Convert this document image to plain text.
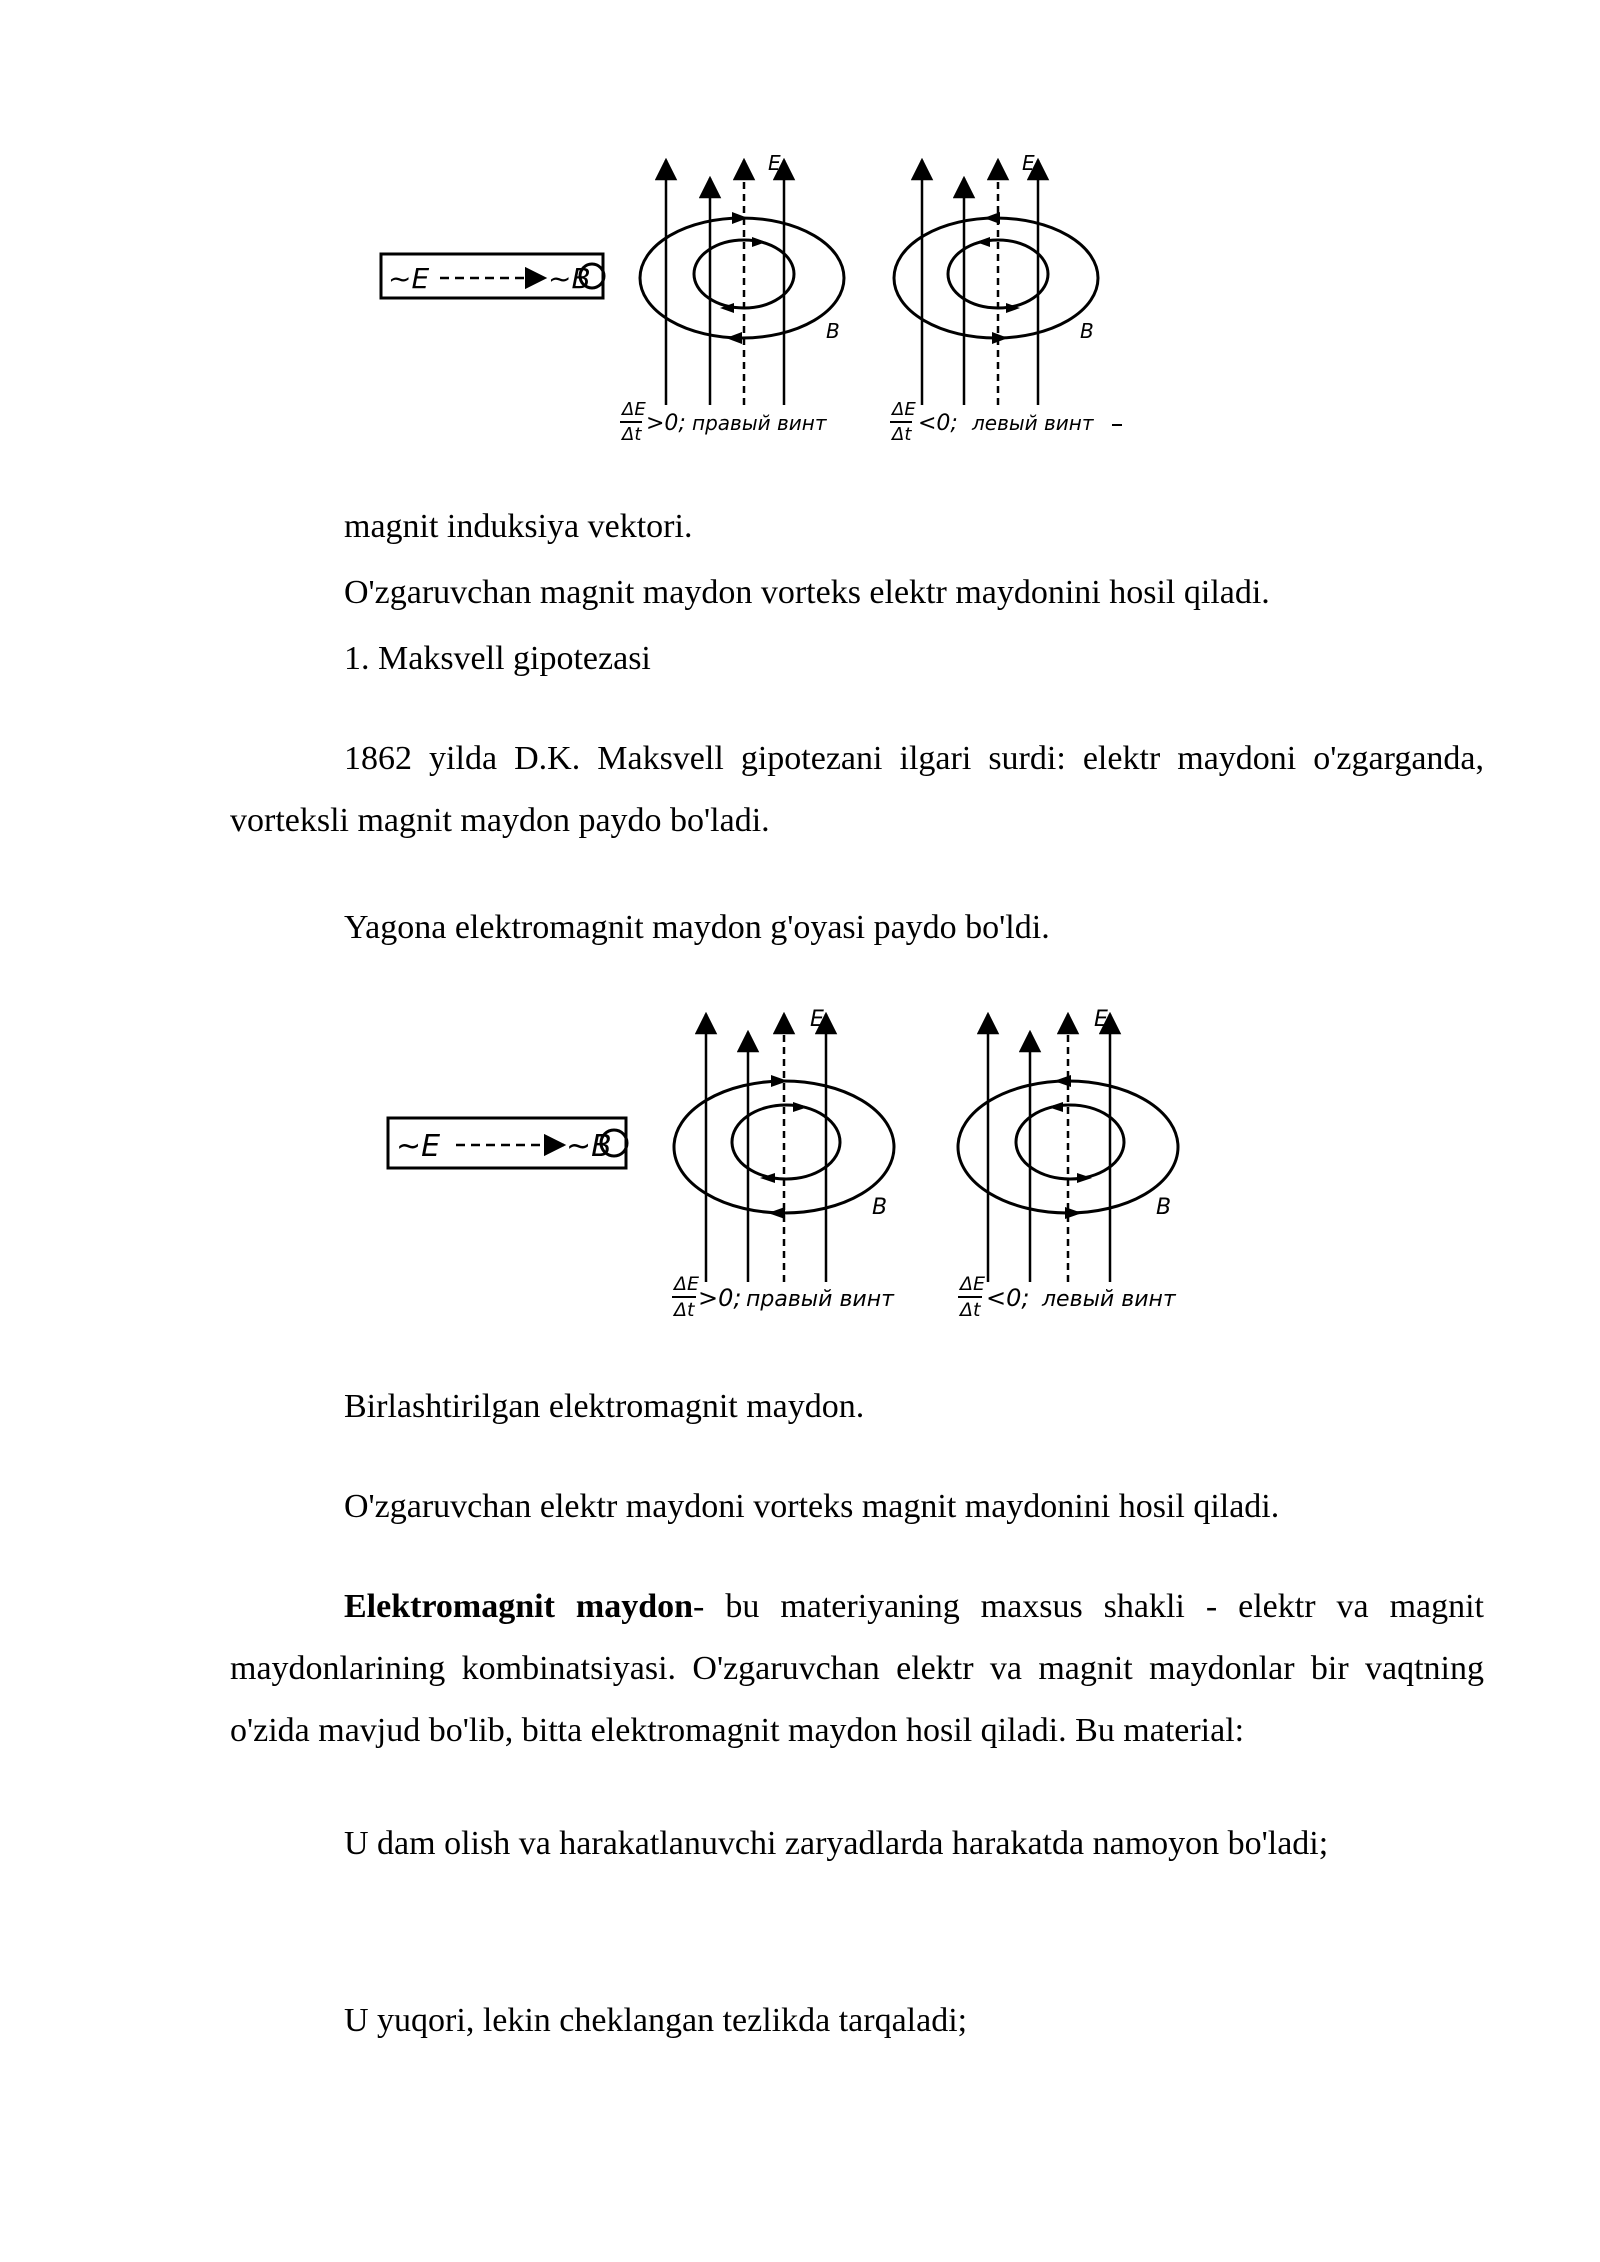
~E	~B
E
B
ΔE
Δt >0; правый винт
E
B
ΔE
Δt <0; левый винт

magnit induksiya vektori.

O'zgaruvchan magnit maydon vorteks elektr maydonini hosil qiladi.

1. Maksvell gipotezasi

1862 yilda D.K. Maksvell gipotezani ilgari surdi: elektr maydoni o'zgarganda, vorteksli magnit maydon paydo bo'ladi.

Yagona elektromagnit maydon g'oyasi paydo bo'ldi.

~E	~B
E
B
ΔE
Δt >0; правый винт
E
B
ΔE
Δt <0; левый винт

Birlashtirilgan elektromagnit maydon.

O'zgaruvchan elektr maydoni vorteks magnit maydonini hosil qiladi.

Elektromagnit maydon- bu materiyaning maxsus shakli - elektr va magnit maydonlarining kombinatsiyasi. O'zgaruvchan elektr va magnit maydonlar bir vaqtning o'zida mavjud bo'lib, bitta elektromagnit maydon hosil qiladi. Bu material:

U dam olish va harakatlanuvchi zaryadlarda harakatda namoyon bo'ladi;

U yuqori, lekin cheklangan tezlikda tarqaladi;
